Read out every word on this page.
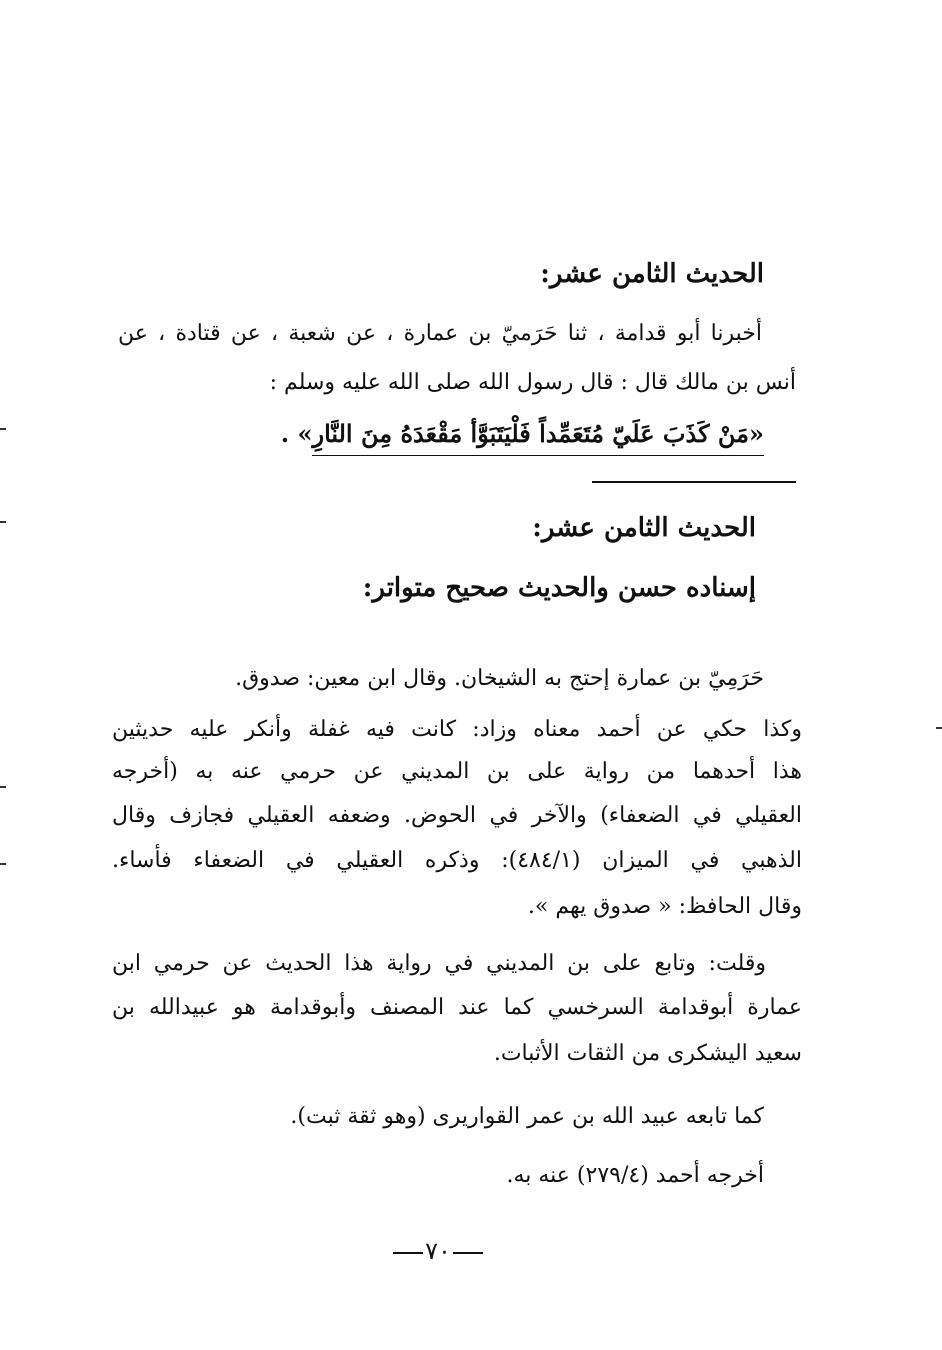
الحديث الثامن عشر:
أخبرنا أبو قدامة ، ثنا حَرَميّ بن عمارة ، عن شعبة ، عن قتادة ، عن
أنس بن مالك قال : قال رسول الله صلى الله عليه وسلم :
«مَنْ كَذَبَ عَلَيّ مُتَعَمِّداً فَلْيَتَبَوَّأ مَقْعَدَهُ مِنَ النَّارِ» .
الحديث الثامن عشر:
إسناده حسن والحديث صحيح متواتر:
حَرَمِيّ بن عمارة إحتج به الشيخان. وقال ابن معين: صدوق.
وكذا حكي عن أحمد معناه وزاد: كانت فيه غفلة وأنكر عليه حديثين
هذا أحدهما من رواية على بن المديني عن حرمي عنه به (أخرجه
العقيلي في الضعفاء) والآخر في الحوض. وضعفه العقيلي فجازف وقال
الذهبي في الميزان (٤٨٤/١): وذكره العقيلي في الضعفاء فأساء.
وقال الحافظ: « صدوق يهم ».
وقلت: وتابع على بن المديني في رواية هذا الحديث عن حرمي ابن
عمارة أبوقدامة السرخسي كما عند المصنف وأبوقدامة هو عبيدالله بن
سعيد اليشكرى من الثقات الأثبات.
كما تابعه عبيد الله بن عمر القواريرى (وهو ثقة ثبت).
أخرجه أحمد (٢٧٩/٤) عنه به.
٧٠
